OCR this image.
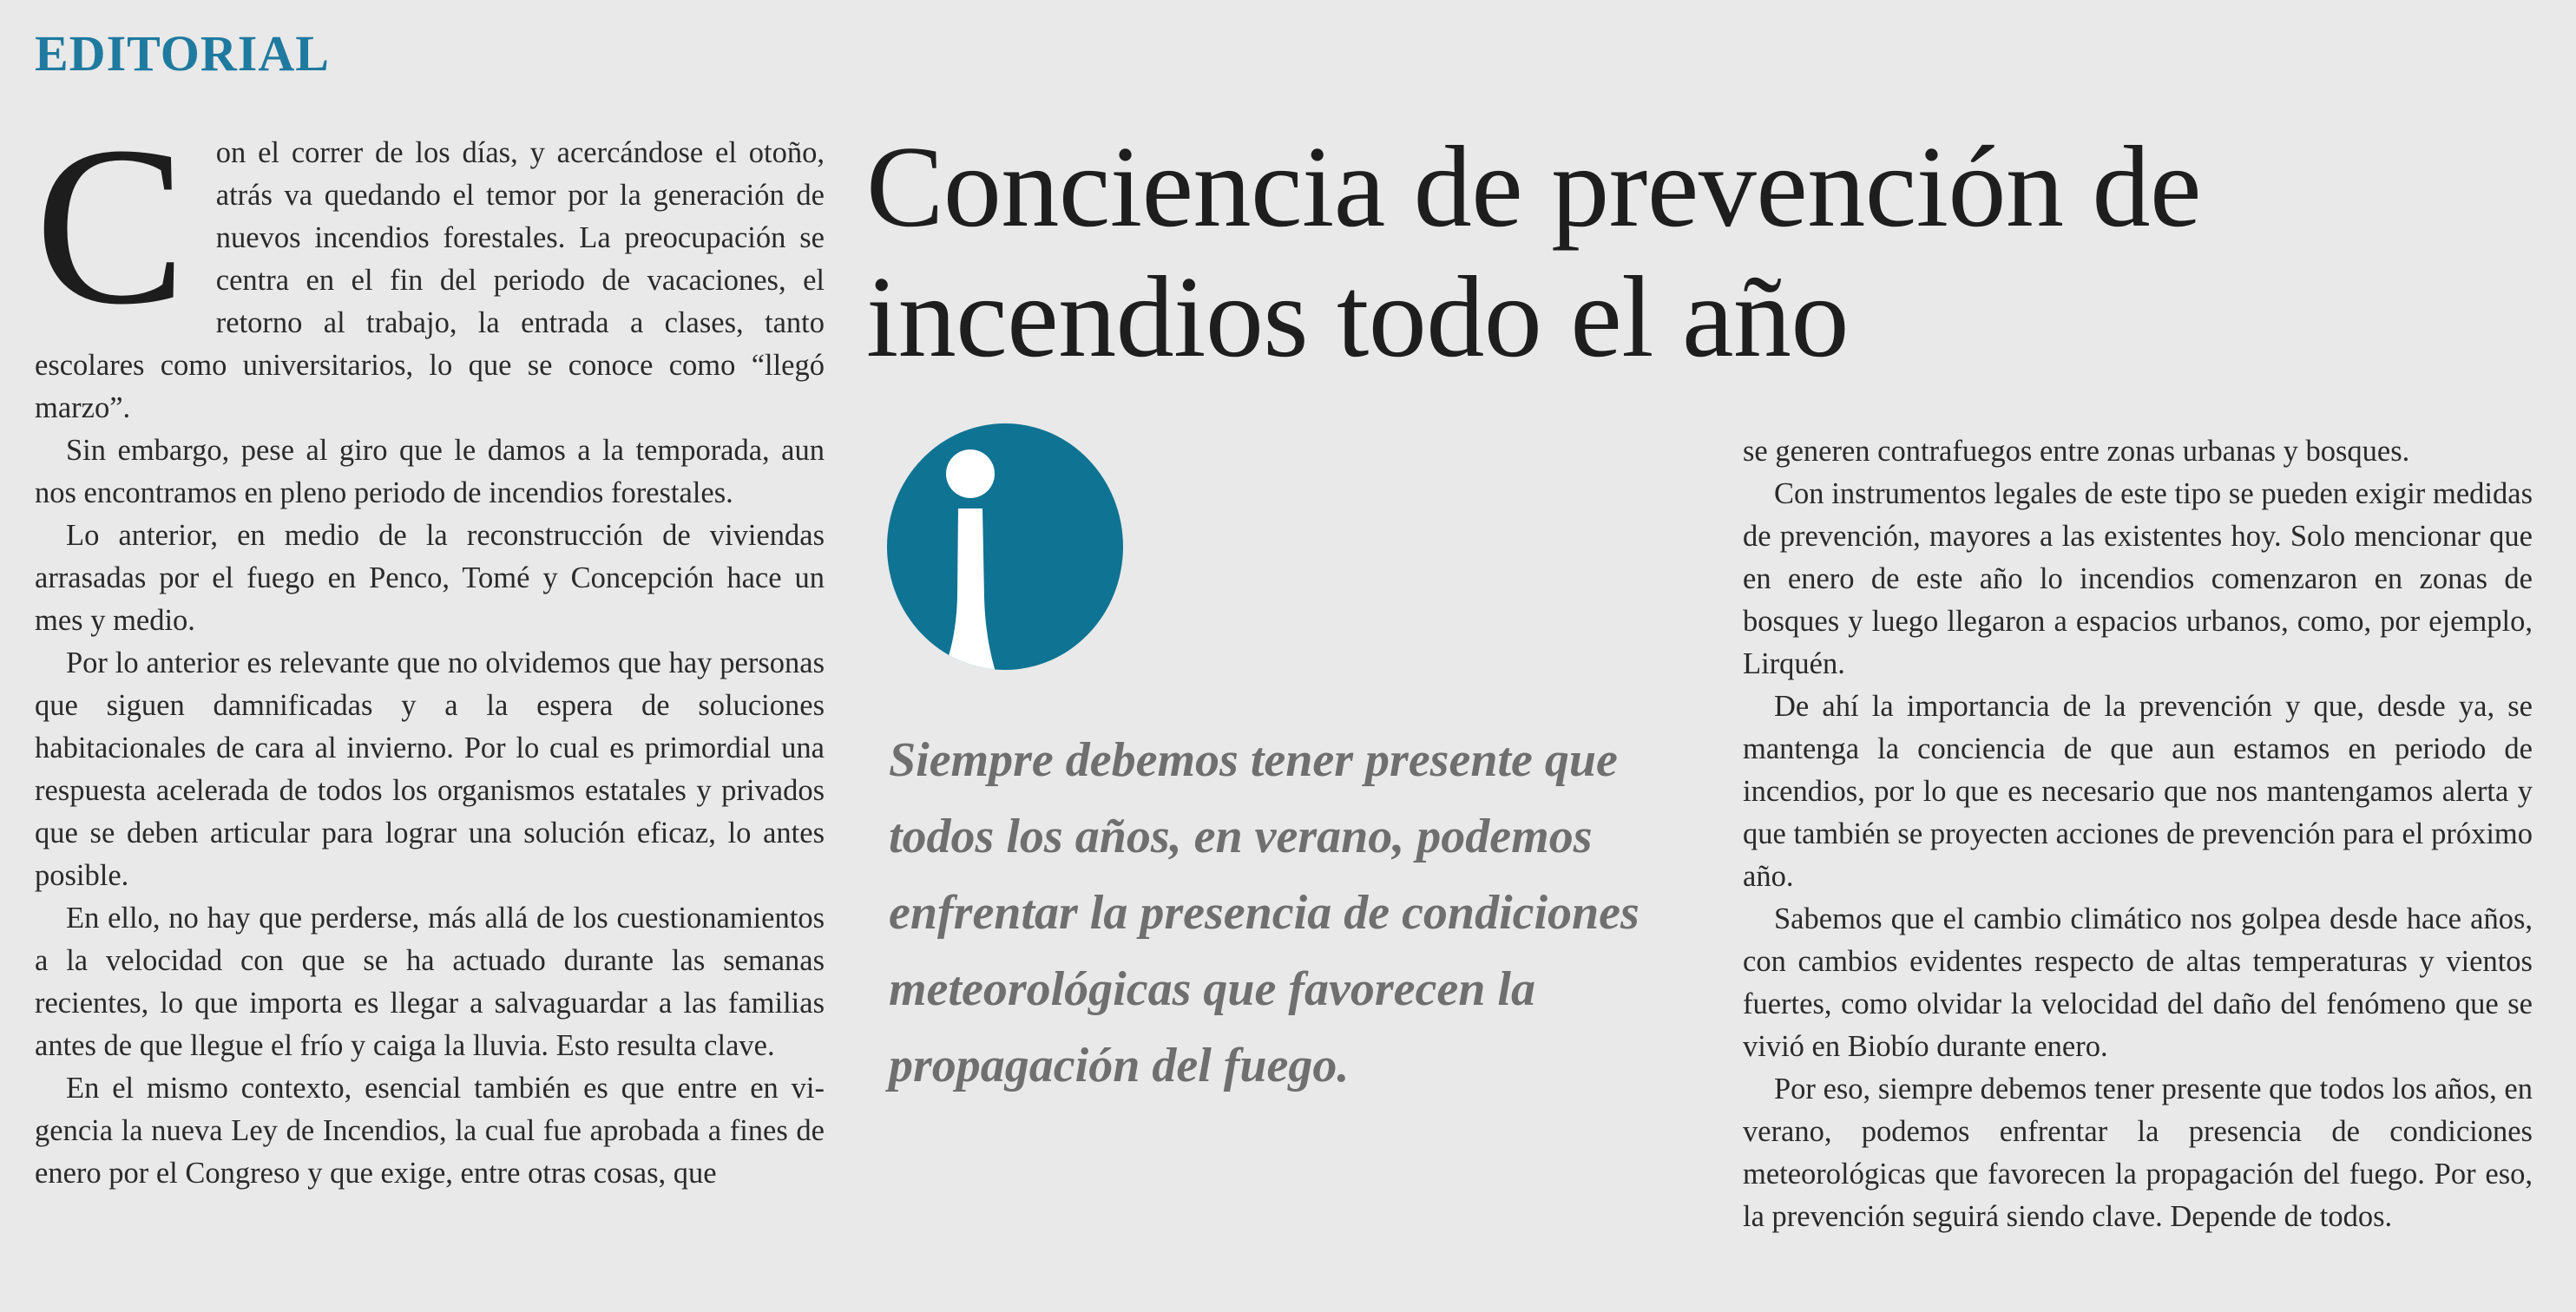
EDITORIAL
C on el correr de los días, y acercándose el otoño, atrás va quedando el temor por la generación de nuevos incendios forestales. La preocupación se centra en el fin del periodo de vacaciones, el retorno al trabajo, la entrada a clases, tanto escolares como universitarios, lo que se conoce como “llegó marzo”.

Sin embargo, pese al giro que le damos a la temporada, aun nos encontramos en pleno periodo de incendios forestales.

Lo anterior, en medio de la reconstrucción de viviendas arrasadas por el fuego en Penco, Tomé y Concepción hace un mes y medio.

Por lo anterior es relevante que no olvidemos que hay personas que siguen damnificadas y a la espera de soluciones habitacionales de cara al invierno. Por lo cual es primordial una respuesta acelerada de todos los organismos estatales y privados que se deben articular para lograr una solución eficaz, lo antes posible.

En ello, no hay que perderse, más allá de los cuestionamientos a la velocidad con que se ha actuado durante las semanas recientes, lo que importa es llegar a salvaguardar a las familias antes de que llegue el frío y caiga la lluvia. Esto resulta clave.

En el mismo contexto, esencial también es que entre en vigencia la nueva Ley de Incendios, la cual fue aprobada a fines de enero por el Congreso y que exige, entre otras cosas, que

Conciencia de prevención de incendios todo el año

Siempre debemos tener presente que todos los años, en verano, podemos enfrentar la presencia de condiciones meteorológicas que favorecen la propagación del fuego.

se generen contrafuegos entre zonas urbanas y bosques.

Con instrumentos legales de este tipo se pueden exigir medidas de prevención, mayores a las existentes hoy. Solo mencionar que en enero de este año lo incendios comenzaron en zonas de bosques y luego llegaron a espacios urbanos, como, por ejemplo, Lirquén.

De ahí la importancia de la prevención y que, desde ya, se mantenga la conciencia de que aun estamos en periodo de incendios, por lo que es necesario que nos mantengamos alerta y que también se proyecten acciones de prevención para el próximo año.

Sabemos que el cambio climático nos golpea desde hace años, con cambios evidentes respecto de altas temperaturas y vientos fuertes, como olvidar la velocidad del daño del fenómeno que se vivió en Biobío durante enero.

Por eso, siempre debemos tener presente que todos los años, en verano, podemos enfrentar la presencia de condiciones meteorológicas que favorecen la propagación del fuego. Por eso, la prevención seguirá siendo clave. Depende de todos.
